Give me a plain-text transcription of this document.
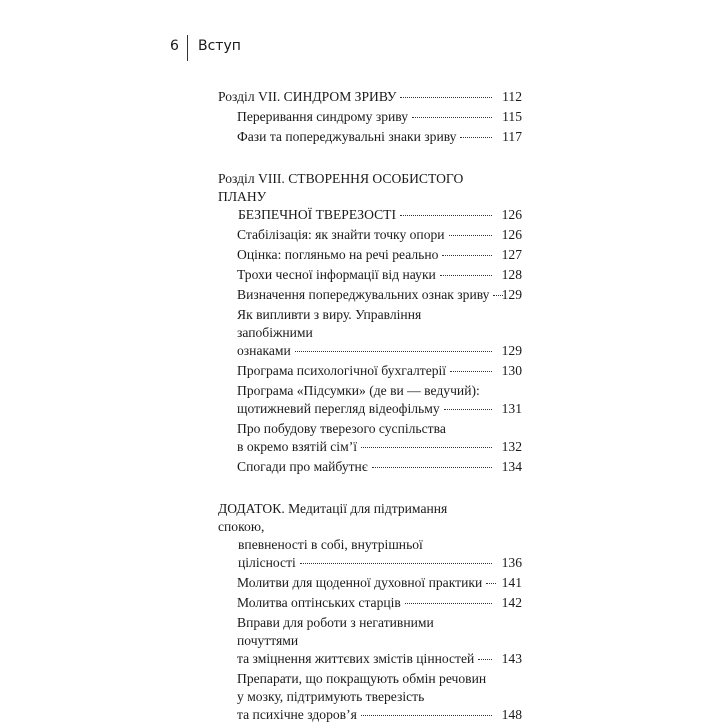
6 Вступ
Розділ VII. СИНДРОМ ЗРИВУ	112
Переривання синдрому зриву	115
Фази та попереджувальні знаки зриву	117
Розділ VIII. СТВОРЕННЯ ОСОБИСТОГО ПЛАНУ
БЕЗПЕЧНОЇ ТВЕРЕЗОСТІ	126
Стабілізація: як знайти точку опори	126
Оцінка: погляньмо на речі реально	127
Трохи чесної інформації від науки	128
Визначення попереджувальних ознак зриву 129
Як випливти з виру. Управління запобіжними
ознаками	129
Програма психологічної бухгалтерії	130
Програма «Підсумки» (де ви — ведучий):
щотижневий перегляд відеофільму	131
Про побудову тверезого суспільства
в окремо взятій сім’ї	132
Спогади про майбутнє	134
ДОДАТОК. Медитації для підтримання спокою,
впевненості в собі, внутрішньої
цілісності	136
Молитви для щоденної духовної практики 141
Молитва оптінських старців	142
Вправи для роботи з негативними почуттями
та зміцнення життєвих змістів цінностей 143
Препарати, що покращують обмін речовин
у мозку, підтримують тверезість
та психічне здоров’я	148
